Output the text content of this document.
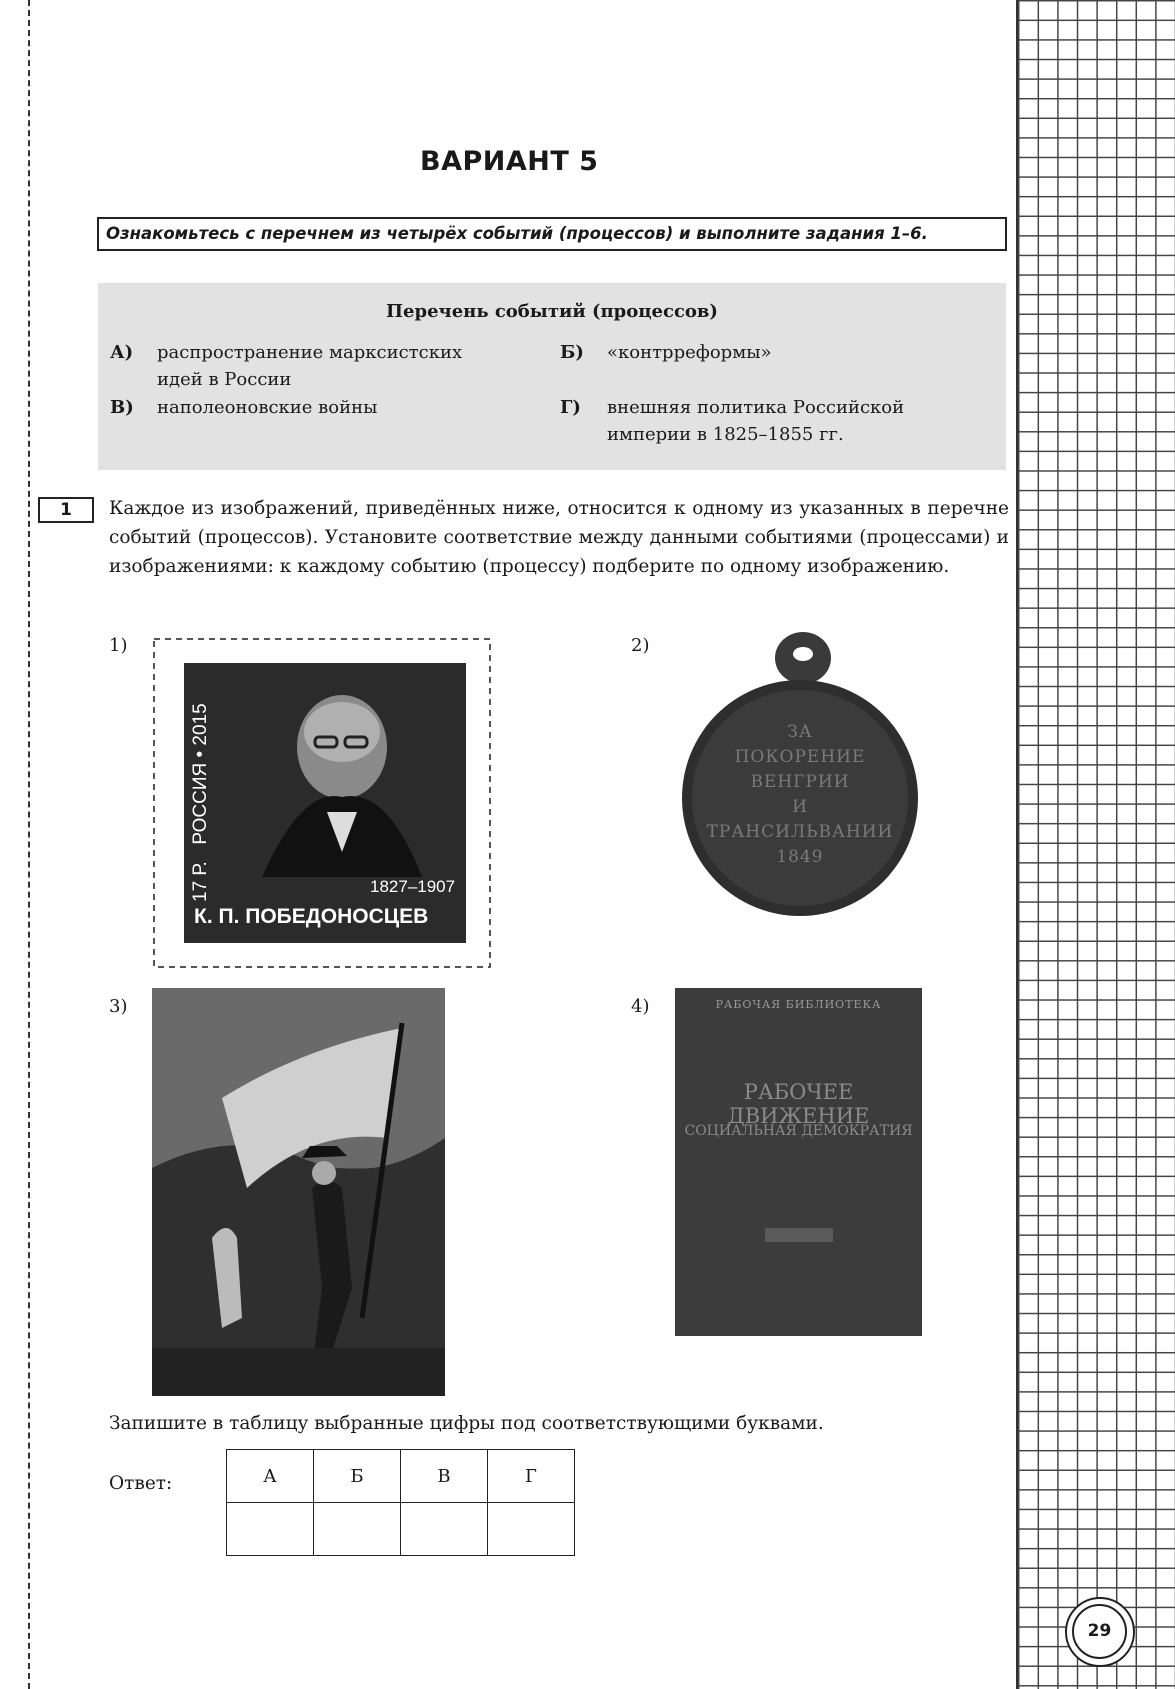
ВАРИАНТ 5
Ознакомьтесь с перечнем из четырёх событий (процессов) и выполните задания 1–6.
Перечень событий (процессов)
А)	распространение марксистских идей в России
Б)	«контрреформы»
В)	наполеоновские войны	Г)	внешняя политика Российской империи в 1825–1855 гг.
1	Каждое из изображений, приведённых ниже, относится к одному из указанных в перечне событий (процессов). Установите соответствие между данными событиями (процессами) и изображениями: к каждому событию (процессу) подберите по одному изображению.
1)
17 Р.  РОССИЯ • 2015
1827–1907
К. П. ПОБЕДОНОСЦЕВ
2)
ЗА
ПОКОРЕНИЕ
ВЕНГРИИ
И
ТРАНСИЛЬВАНИИ
1849
3)	4)	РАБОЧАЯ БИБЛИОТЕКА
РАБОЧЕЕ ДВИЖЕНИЕ
СОЦИАЛЬНАЯ ДЕМОКРАТИЯ
Запишите в таблицу выбранные цифры под соответствующими буквами.
Ответ:	А	Б	В	Г

29
